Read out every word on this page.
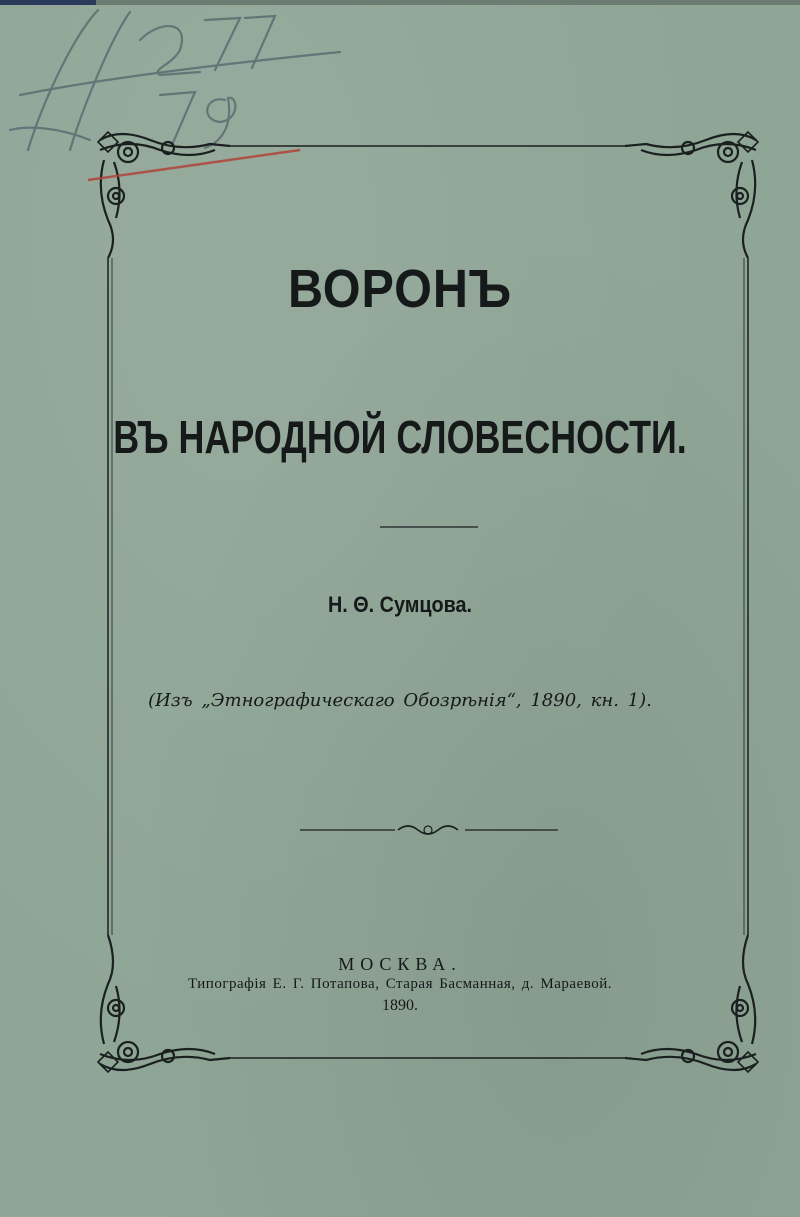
ВОРОНЪ
ВЪ НАРОДНОЙ СЛОВЕСНОСТИ.
Н. Θ. Сумцова.
(Изъ „Этнографическаго Обозрѣнія“, 1890, кн. 1).
МОСКВА.
Типографія Е. Г. Потапова, Старая Басманная, д. Мараевой.
1890.
